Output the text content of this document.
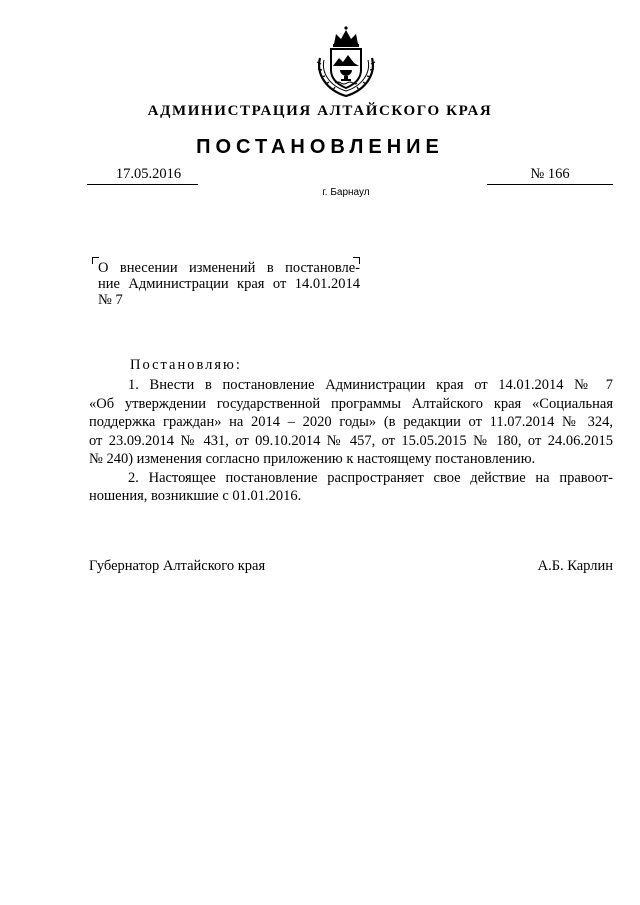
АДМИНИСТРАЦИЯ АЛТАЙСКОГО КРАЯ
ПОСТАНОВЛЕНИЕ
17.05.2016	№ 166
г. Барнаул
О внесении изменений в постановле-
ние Администрации края от 14.01.2014
№ 7
Постановляю:
1. Внести в постановление Администрации края от 14.01.2014 № 7
«Об утверждении государственной программы Алтайского края «Социальная
поддержка граждан» на 2014 – 2020 годы» (в редакции от 11.07.2014 № 324,
от 23.09.2014 № 431, от 09.10.2014 № 457, от 15.05.2015 № 180, от 24.06.2015
№ 240) изменения согласно приложению к настоящему постановлению.
2. Настоящее постановление распространяет свое действие на правоот-
ношения, возникшие с 01.01.2016.
Губернатор Алтайского края	А.Б. Карлин
